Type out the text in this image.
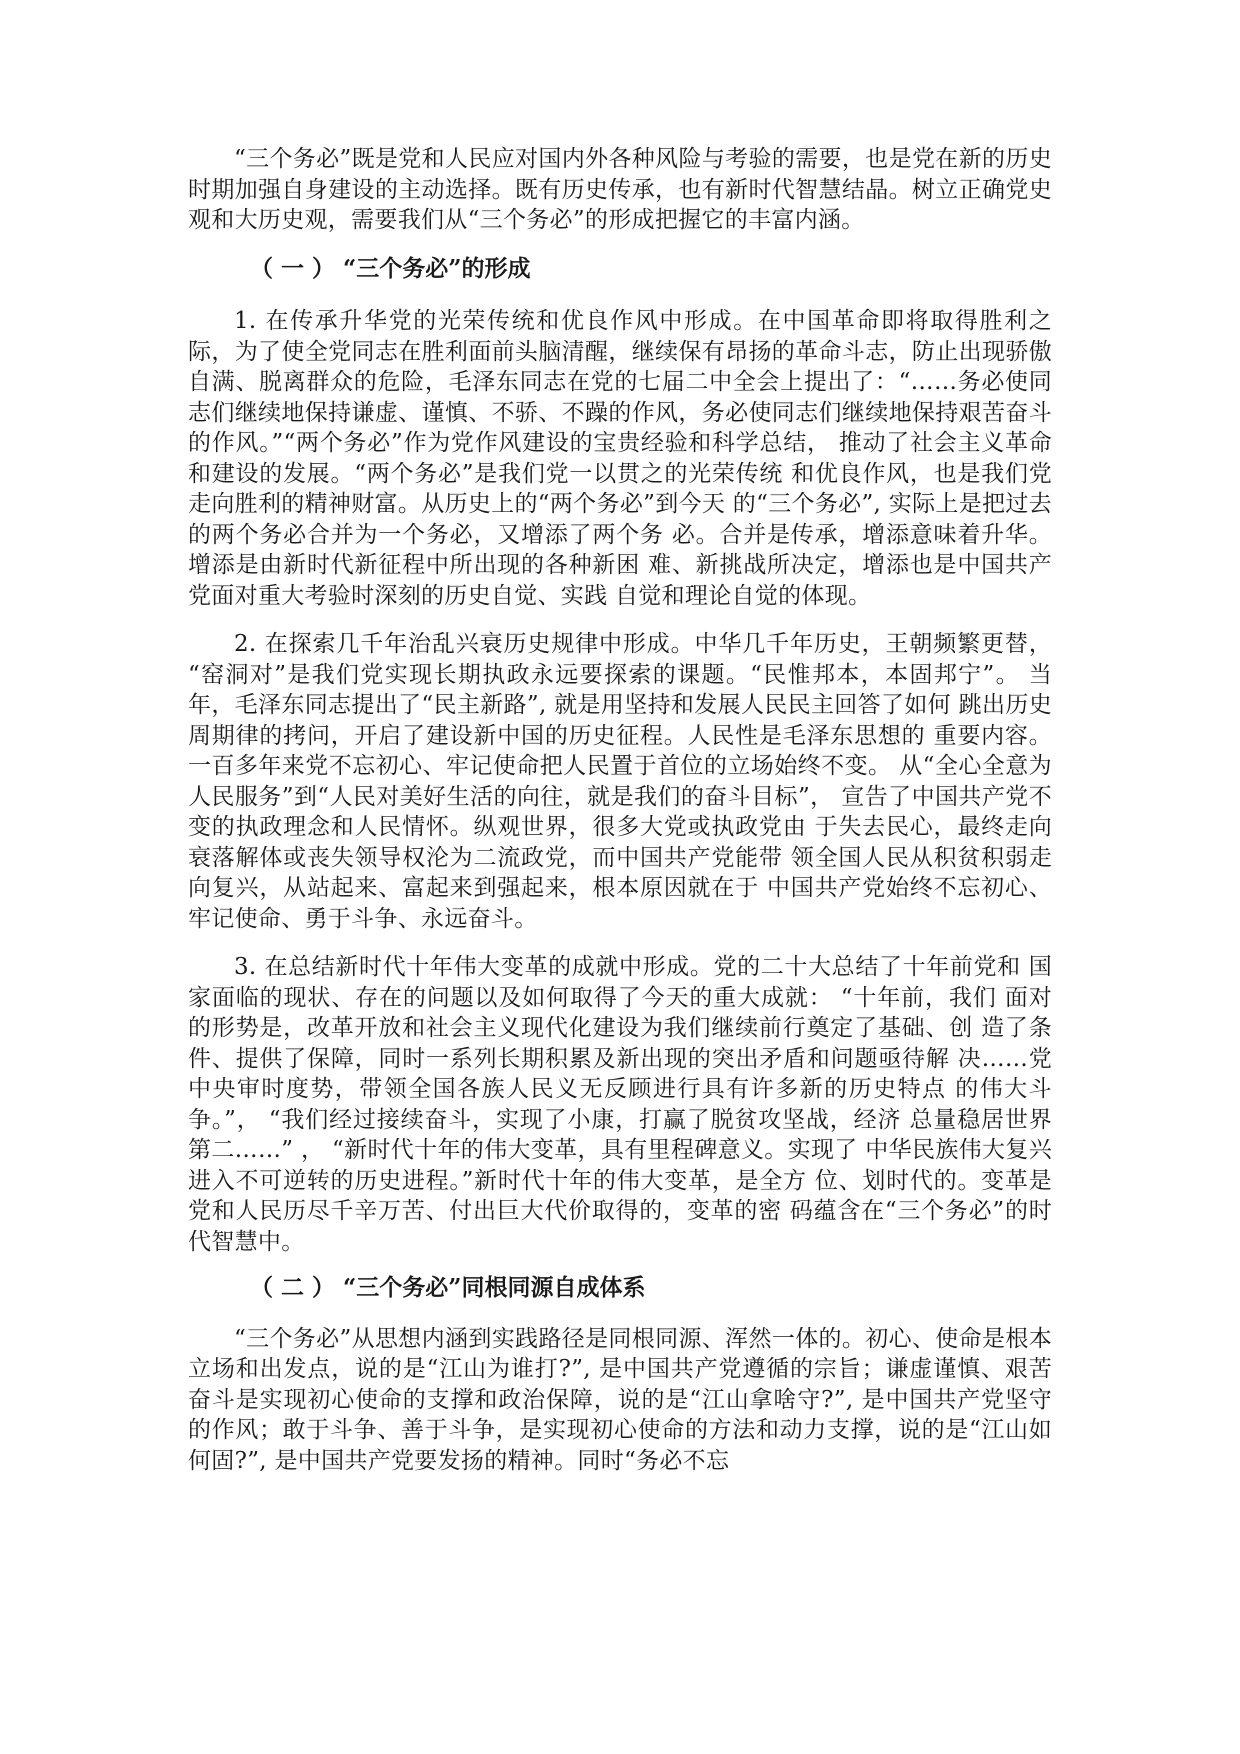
“三个务必”既是党和人民应对国内外各种风险与考验的需要，也是党在新的历史时期加强自身建设的主动选择。既有历史传承，也有新时代智慧结晶。树立正确党史观和大历史观，需要我们从“三个务必”的形成把握它的丰富内涵。

（ 一 ） “三个务必”的形成

1. 在传承升华党的光荣传统和优良作风中形成。在中国革命即将取得胜利之际，为了使全党同志在胜利面前头脑清醒，继续保有昂扬的革命斗志，防止出现骄傲自满、脱离群众的危险，毛泽东同志在党的七届二中全会上提出了：“……务必使同志们继续地保持谦虚、谨慎、不骄、不躁的作风，务必使同志们继续地保持艰苦奋斗的作风。”“两个务必”作为党作风建设的宝贵经验和科学总结， 推动了社会主义革命和建设的发展。“两个务必”是我们党一以贯之的光荣传统 和优良作风，也是我们党走向胜利的精神财富。从历史上的“两个务必”到今天 的“三个务必”, 实际上是把过去的两个务必合并为一个务必，又增添了两个务 必。合并是传承，增添意味着升华。增添是由新时代新征程中所出现的各种新困 难、新挑战所决定，增添也是中国共产党面对重大考验时深刻的历史自觉、实践 自觉和理论自觉的体现。

2. 在探索几千年治乱兴衰历史规律中形成。中华几千年历史，王朝频繁更替， “窑洞对”是我们党实现长期执政永远要探索的课题。“民惟邦本，本固邦宁”。 当年，毛泽东同志提出了“民主新路”, 就是用坚持和发展人民民主回答了如何 跳出历史周期律的拷问，开启了建设新中国的历史征程。人民性是毛泽东思想的 重要内容。 一百多年来党不忘初心、牢记使命把人民置于首位的立场始终不变。 从“全心全意为人民服务”到“人民对美好生活的向往，就是我们的奋斗目标”， 宣告了中国共产党不变的执政理念和人民情怀。纵观世界，很多大党或执政党由 于失去民心，最终走向衰落解体或丧失领导权沦为二流政党，而中国共产党能带 领全国人民从积贫积弱走向复兴，从站起来、富起来到强起来，根本原因就在于 中国共产党始终不忘初心、牢记使命、勇于斗争、永远奋斗。

3. 在总结新时代十年伟大变革的成就中形成。党的二十大总结了十年前党和 国家面临的现状、存在的问题以及如何取得了今天的重大成就： “十年前，我们 面对的形势是，改革开放和社会主义现代化建设为我们继续前行奠定了基础、创 造了条件、提供了保障，同时一系列长期积累及新出现的突出矛盾和问题亟待解 决……党中央审时度势，带领全国各族人民义无反顾进行具有许多新的历史特点 的伟大斗争。”， “我们经过接续奋斗，实现了小康，打赢了脱贫攻坚战，经济 总量稳居世界第二……” ， “新时代十年的伟大变革，具有里程碑意义。实现了 中华民族伟大复兴进入不可逆转的历史进程。”新时代十年的伟大变革，是全方 位、划时代的。变革是党和人民历尽千辛万苦、付出巨大代价取得的，变革的密 码蕴含在“三个务必”的时代智慧中。

（ 二 ） “三个务必”同根同源自成体系

“三个务必”从思想内涵到实践路径是同根同源、浑然一体的。初心、使命是根本立场和出发点，说的是“江山为谁打?”, 是中国共产党遵循的宗旨；谦虚谨慎、艰苦奋斗是实现初心使命的支撑和政治保障，说的是“江山拿啥守?”, 是中国共产党坚守的作风；敢于斗争、善于斗争，是实现初心使命的方法和动力支撑，说的是“江山如何固?”, 是中国共产党要发扬的精神。同时“务必不忘
